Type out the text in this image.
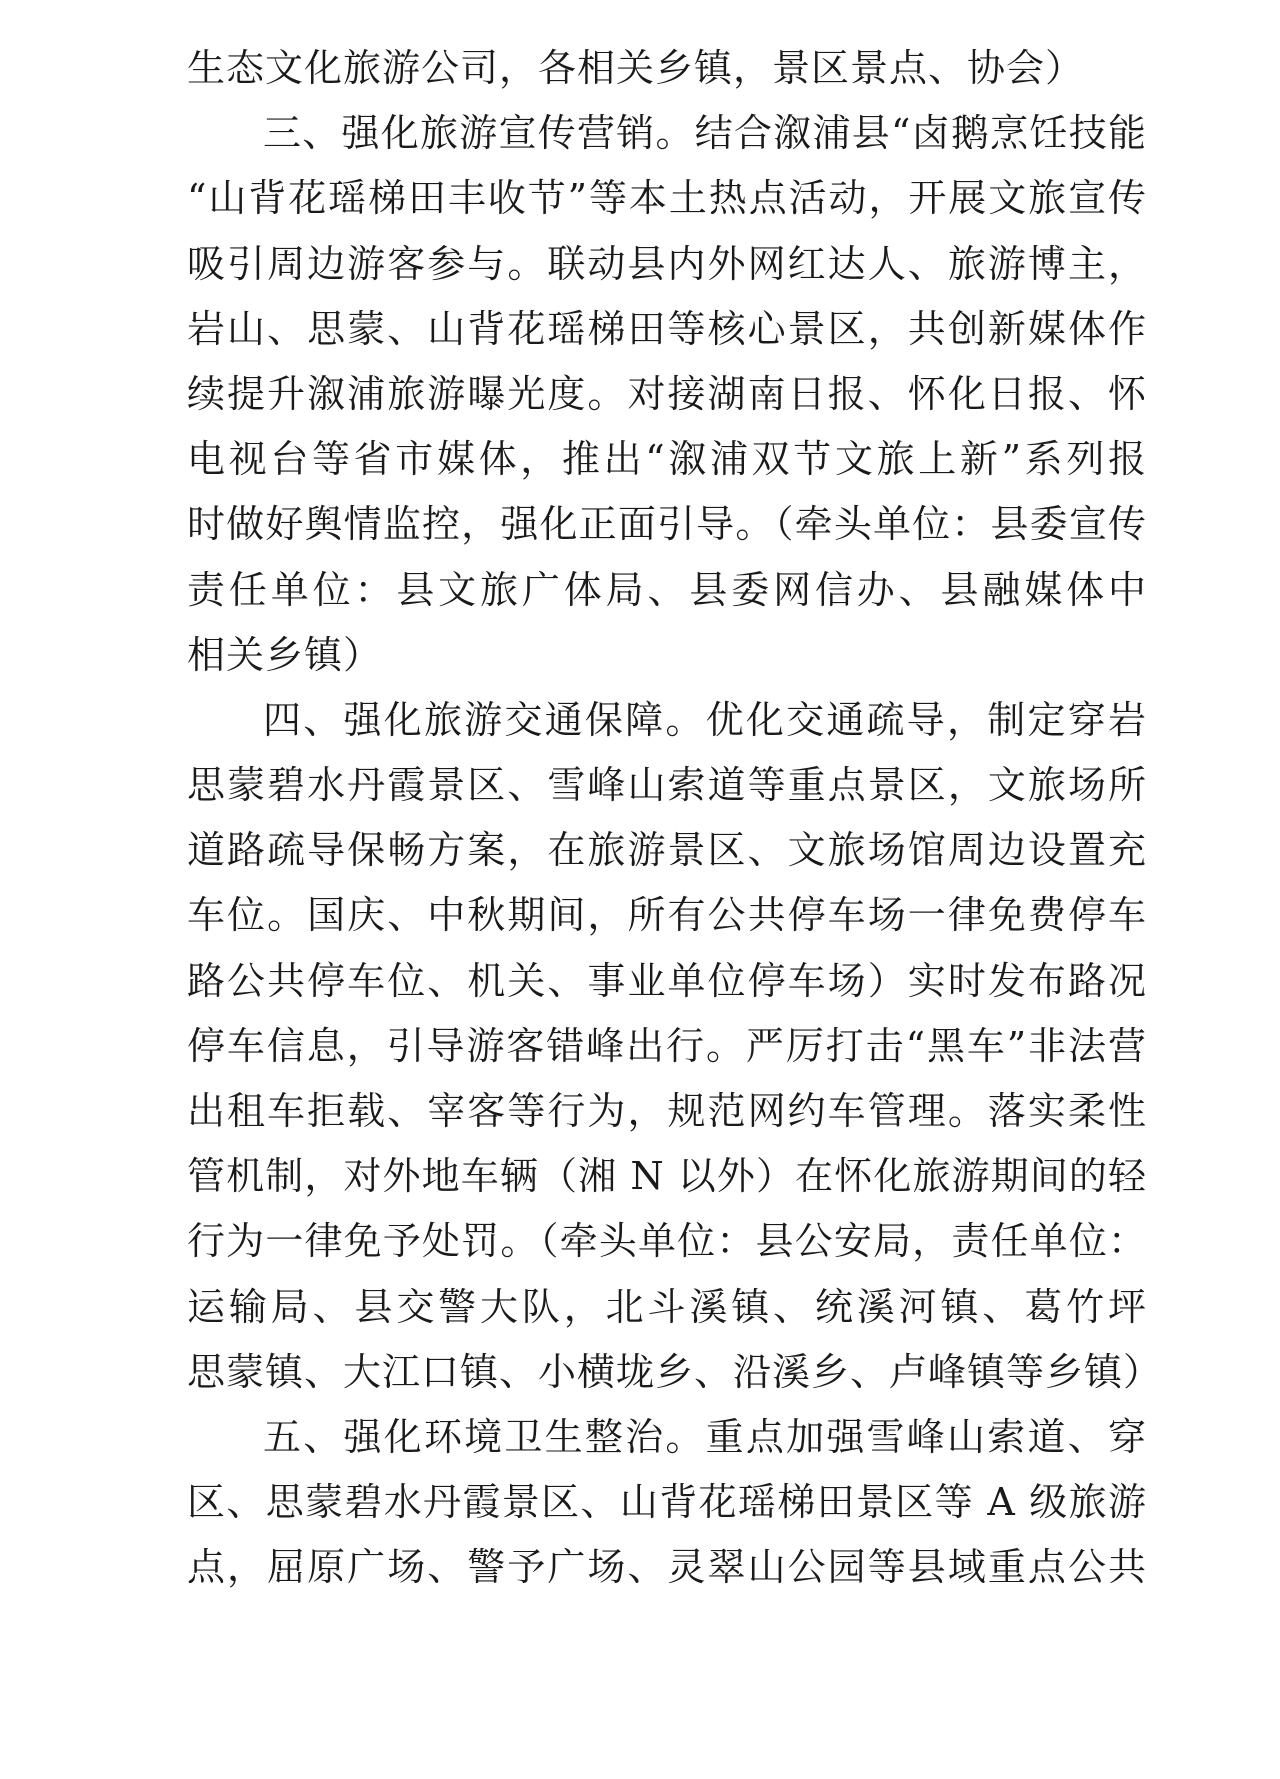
生态文化旅游公司，各相关乡镇，景区景点、协会）
三、强化旅游宣传营销。结合溆浦县“卤鹅烹饪技能
“山背花瑶梯田丰收节”等本土热点活动，开展文旅宣传
吸引周边游客参与。联动县内外网红达人、旅游博主，
岩山、思蒙、山背花瑶梯田等核心景区，共创新媒体作
续提升溆浦旅游曝光度。对接湖南日报、怀化日报、怀
电视台等省市媒体，推出“溆浦双节文旅上新”系列报
时做好舆情监控，强化正面引导。（牵头单位：县委宣传
责任单位：县文旅广体局、县委网信办、县融媒体中
相关乡镇）
四、强化旅游交通保障。优化交通疏导，制定穿岩
思蒙碧水丹霞景区、雪峰山索道等重点景区，文旅场所
道路疏导保畅方案，在旅游景区、文旅场馆周边设置充
车位。国庆、中秋期间，所有公共停车场一律免费停车
路公共停车位、机关、事业单位停车场）实时发布路况
停车信息，引导游客错峰出行。严厉打击“黑车”非法营
出租车拒载、宰客等行为，规范网约车管理。落实柔性
管机制，对外地车辆（湘 N 以外）在怀化旅游期间的轻
行为一律免予处罚。（牵头单位：县公安局，责任单位：
运输局、县交警大队，北斗溪镇、统溪河镇、葛竹坪
思蒙镇、大江口镇、小横垅乡、沿溪乡、卢峰镇等乡镇）
五、强化环境卫生整治。重点加强雪峰山索道、穿
区、思蒙碧水丹霞景区、山背花瑶梯田景区等 A 级旅游
点，屈原广场、警予广场、灵翠山公园等县域重点公共
